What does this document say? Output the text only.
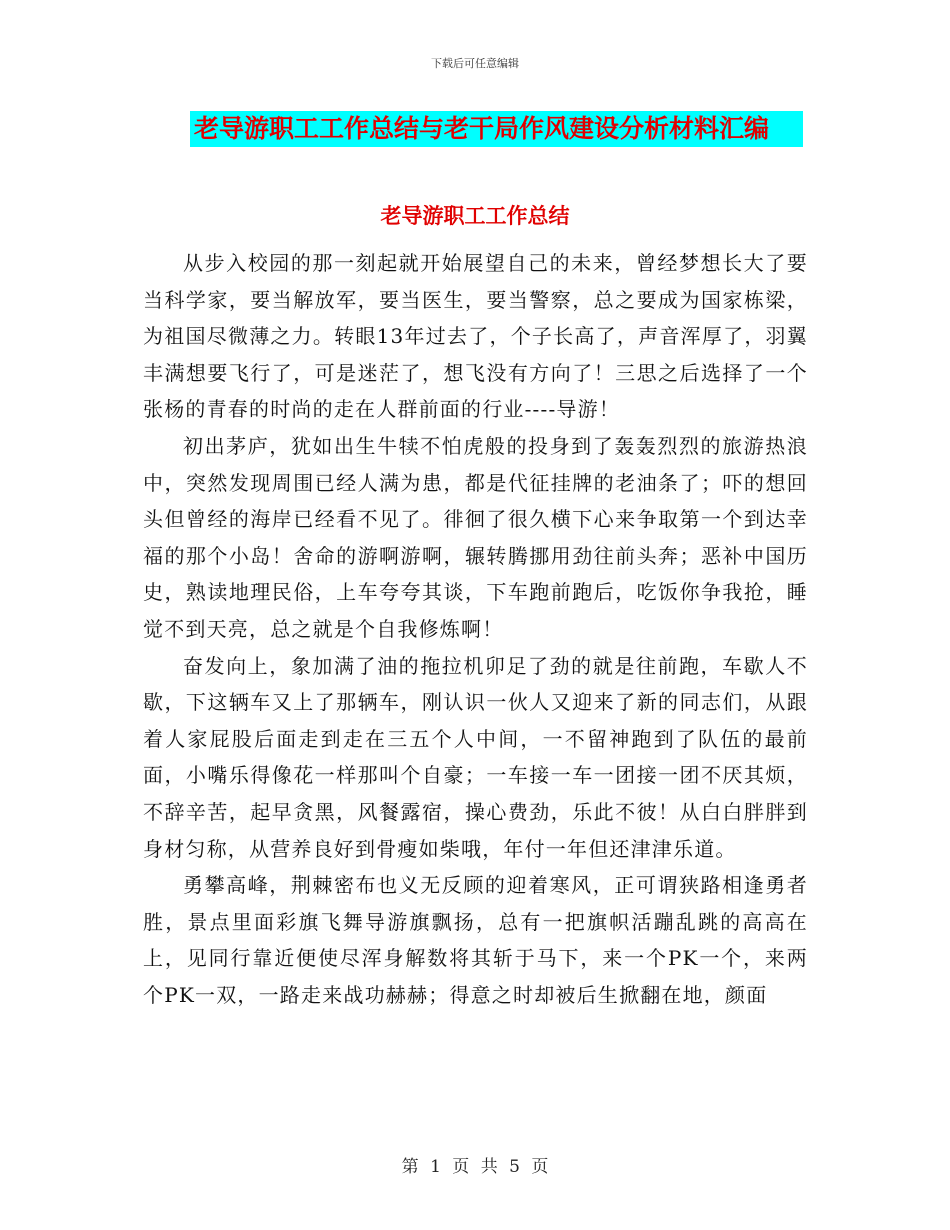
下载后可任意编辑
老导游职工工作总结与老干局作风建设分析材料汇编
老导游职工工作总结

从步入校园的那一刻起就开始展望自己的未来，曾经梦想长大了要当科学家，要当解放军，要当医生，要当警察，总之要成为国家栋梁，为祖国尽微薄之力。转眼13年过去了，个子长高了，声音浑厚了，羽翼丰满想要飞行了，可是迷茫了，想飞没有方向了！三思之后选择了一个张杨的青春的时尚的走在人群前面的行业----导游！

初出茅庐，犹如出生牛犊不怕虎般的投身到了轰轰烈烈的旅游热浪中，突然发现周围已经人满为患，都是代征挂牌的老油条了；吓的想回头但曾经的海岸已经看不见了。徘徊了很久横下心来争取第一个到达幸福的那个小岛！舍命的游啊游啊，辗转腾挪用劲往前头奔；恶补中国历史，熟读地理民俗，上车夸夸其谈，下车跑前跑后，吃饭你争我抢，睡觉不到天亮，总之就是个自我修炼啊！

奋发向上，象加满了油的拖拉机卯足了劲的就是往前跑，车歇人不歇，下这辆车又上了那辆车，刚认识一伙人又迎来了新的同志们，从跟着人家屁股后面走到走在三五个人中间，一不留神跑到了队伍的最前面，小嘴乐得像花一样那叫个自豪；一车接一车一团接一团不厌其烦，不辞辛苦，起早贪黑，风餐露宿，操心费劲，乐此不彼！从白白胖胖到身材匀称，从营养良好到骨瘦如柴哦，年付一年但还津津乐道。

勇攀高峰，荆棘密布也义无反顾的迎着寒风，正可谓狭路相逢勇者胜，景点里面彩旗飞舞导游旗飘扬，总有一把旗帜活蹦乱跳的高高在上，见同行靠近便使尽浑身解数将其斩于马下，来一个PK一个，来两个PK一双，一路走来战功赫赫；得意之时却被后生掀翻在地，颜面

第 1 页 共 5 页
